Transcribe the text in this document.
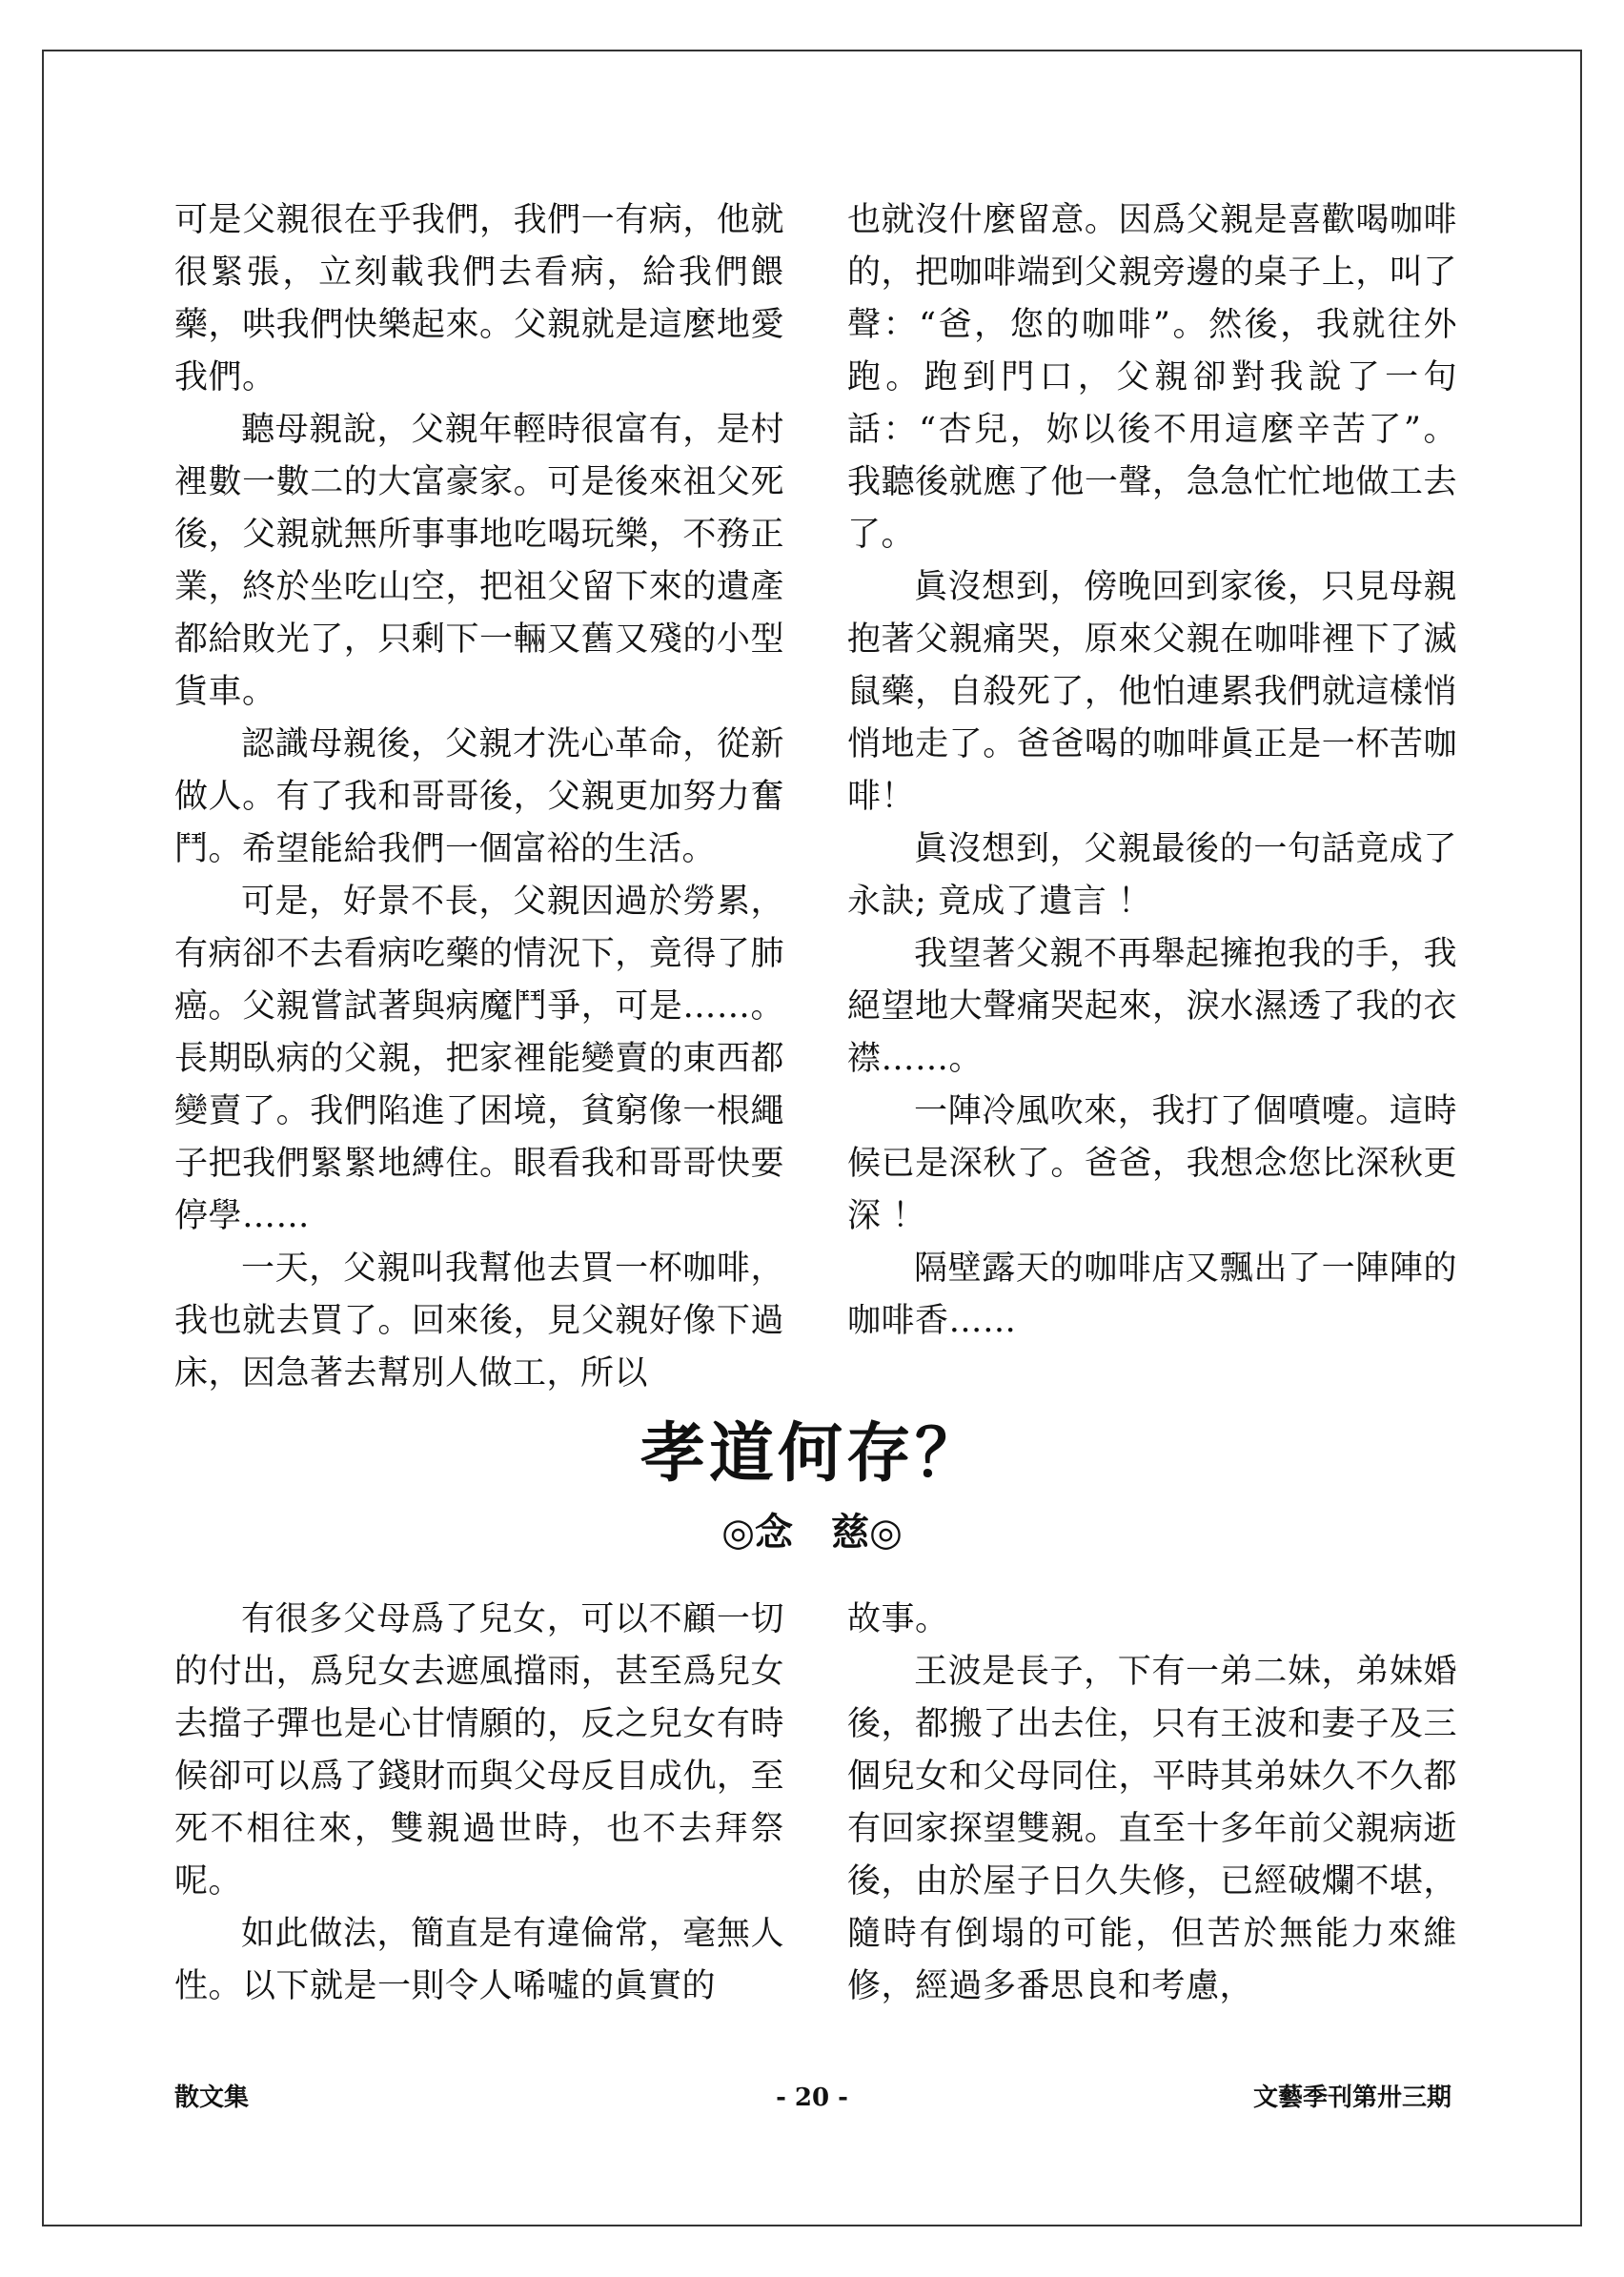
可是父親很在乎我們，我們一有病，他就很緊張，立刻載我們去看病，給我們餵藥，哄我們快樂起來。父親就是這麼地愛我們。

聽母親說，父親年輕時很富有，是村裡數一數二的大富豪家。可是後來祖父死後，父親就無所事事地吃喝玩樂，不務正業，終於坐吃山空，把祖父留下來的遺產都給敗光了，只剩下一輛又舊又殘的小型貨車。

認識母親後，父親才洗心革命，從新做人。有了我和哥哥後，父親更加努力奮鬥。希望能給我們一個富裕的生活。

可是，好景不長，父親因過於勞累，有病卻不去看病吃藥的情況下，竟得了肺癌。父親嘗試著與病魔鬥爭，可是……。長期臥病的父親，把家裡能變賣的東西都變賣了。我們陷進了困境，貧窮像一根繩子把我們緊緊地縛住。眼看我和哥哥快要停學……

一天，父親叫我幫他去買一杯咖啡，我也就去買了。回來後，見父親好像下過床，因急著去幫別人做工，所以

也就沒什麼留意。因爲父親是喜歡喝咖啡的，把咖啡端到父親旁邊的桌子上，叫了聲：“爸，您的咖啡”。然後，我就往外跑。跑到門口，父親卻對我說了一句話：“杏兒，妳以後不用這麼辛苦了”。我聽後就應了他一聲，急急忙忙地做工去了。

眞沒想到，傍晚回到家後，只見母親抱著父親痛哭，原來父親在咖啡裡下了滅鼠藥，自殺死了，他怕連累我們就這樣悄悄地走了。爸爸喝的咖啡眞正是一杯苦咖啡！

眞沒想到，父親最後的一句話竟成了永訣; 竟成了遺言 ！

我望著父親不再舉起擁抱我的手，我絕望地大聲痛哭起來，淚水濕透了我的衣襟……。

一陣冷風吹來，我打了個噴嚏。這時候已是深秋了。爸爸，我想念您比深秋更深 ！

隔壁露天的咖啡店又飄出了一陣陣的咖啡香……

孝道何存？
◎念　慈◎

有很多父母爲了兒女，可以不顧一切的付出，爲兒女去遮風擋雨，甚至爲兒女去擋子彈也是心甘情願的，反之兒女有時候卻可以爲了錢財而與父母反目成仇，至死不相往來，雙親過世時，也不去拜祭呢。

如此做法，簡直是有違倫常，毫無人性。以下就是一則令人唏噓的眞實的

故事。

王波是長子，下有一弟二妹，弟妹婚後，都搬了出去住，只有王波和妻子及三個兒女和父母同住，平時其弟妹久不久都有回家探望雙親。直至十多年前父親病逝後，由於屋子日久失修，已經破爛不堪，隨時有倒塌的可能，但苦於無能力來維修，經過多番思良和考慮，

散文集	- 20 -	文藝季刊第卅三期
